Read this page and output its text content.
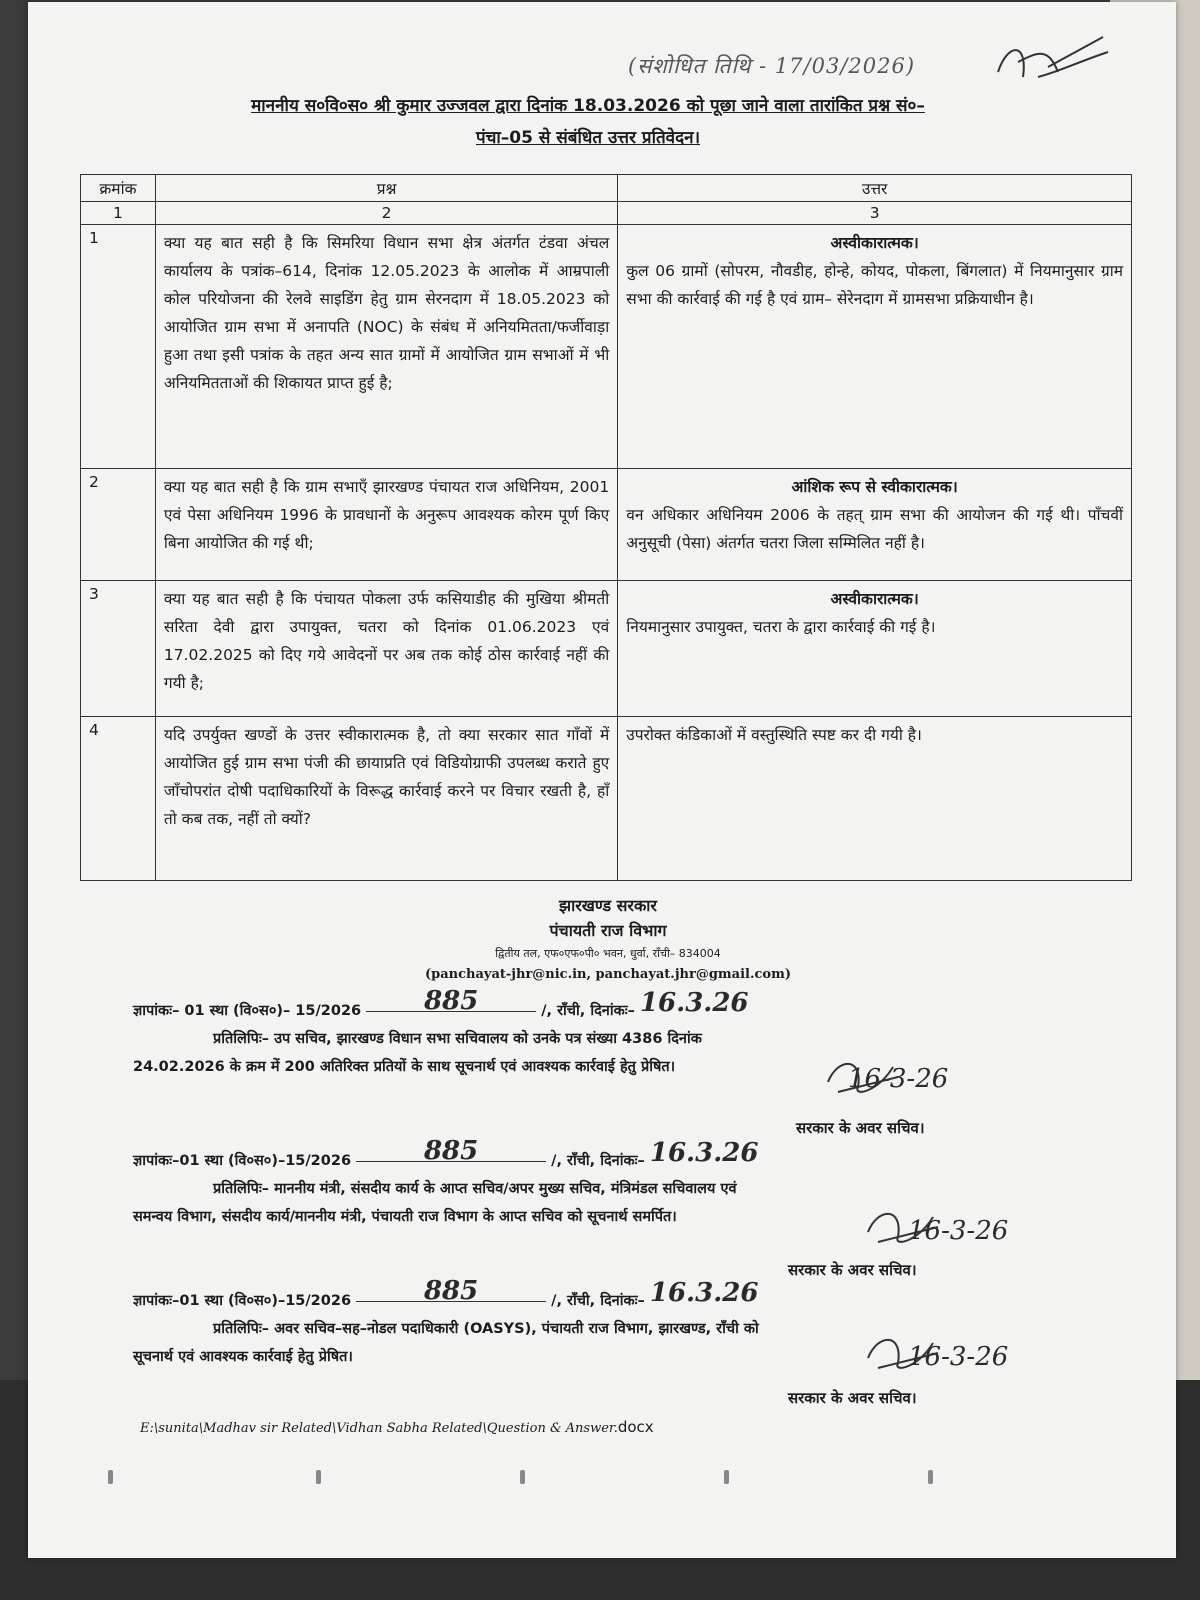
(संशोधित तिथि - 17/03/2026)
माननीय स०वि०स० श्री कुमार उज्जवल द्वारा दिनांक 18.03.2026 को पूछा जाने वाला तारांकित प्रश्न सं०–
पंचा–05 से संबंधित उत्तर प्रतिवेदन।
क्रमांक	प्रश्न	उत्तर
1	2	3
1	क्या यह बात सही है कि सिमरिया विधान सभा क्षेत्र अंतर्गत टंडवा अंचल कार्यालय के पत्रांक–614, दिनांक 12.05.2023 के आलोक में आम्रपाली कोल परियोजना की रेलवे साइडिंग हेतु ग्राम सेरनदाग में 18.05.2023 को आयोजित ग्राम सभा में अनापति (NOC) के संबंध में अनियमितता/फर्जीवाड़ा हुआ तथा इसी पत्रांक के तहत अन्य सात ग्रामों में आयोजित ग्राम सभाओं में भी अनियमितताओं की शिकायत प्राप्त हुई है;	अस्वीकारात्मक।
कुल 06 ग्रामों (सोपरम, नौवडीह, होन्हे, कोयद, पोकला, बिंगलात) में नियमानुसार ग्राम सभा की कार्रवाई की गई है एवं ग्राम– सेरेनदाग में ग्रामसभा प्रक्रियाधीन है।
2	क्या यह बात सही है कि ग्राम सभाएँ झारखण्ड पंचायत राज अधिनियम, 2001 एवं पेसा अधिनियम 1996 के प्रावधानों के अनुरूप आवश्यक कोरम पूर्ण किए बिना आयोजित की गई थी;	आंशिक रूप से स्वीकारात्मक।
वन अधिकार अधिनियम 2006 के तहत् ग्राम सभा की आयोजन की गई थी। पाँचवीं अनुसूची (पेसा) अंतर्गत चतरा जिला सम्मिलित नहीं है।
3	क्या यह बात सही है कि पंचायत पोकला उर्फ कसियाडीह की मुखिया श्रीमती सरिता देवी द्वारा उपायुक्त, चतरा को दिनांक 01.06.2023 एवं 17.02.2025 को दिए गये आवेदनों पर अब तक कोई ठोस कार्रवाई नहीं की गयी है;	अस्वीकारात्मक।
नियमानुसार उपायुक्त, चतरा के द्वारा कार्रवाई की गई है।
4	यदि उपर्युक्त खण्डों के उत्तर स्वीकारात्मक है, तो क्या सरकार सात गाँवों में आयोजित हुई ग्राम सभा पंजी की छायाप्रति एवं विडियोग्राफी उपलब्ध कराते हुए जाँचोपरांत दोषी पदाधिकारियों के विरूद्ध कार्रवाई करने पर विचार रखती है, हाँ तो कब तक, नहीं तो क्यों?	उपरोक्त कंडिकाओं में वस्तुस्थिति स्पष्ट कर दी गयी है।
झारखण्ड सरकार
पंचायती राज विभाग
द्वितीय तल, एफ०एफ०पी० भवन, धुर्वा, राँची– 834004
(panchayat-jhr@nic.in, panchayat.jhr@gmail.com)
ज्ञापांकः– 01 स्था (वि०स०)– 15/2026 885	/, राँची, दिनांकः– 16.3.26
प्रतिलिपिः– उप सचिव, झारखण्ड विधान सभा सचिवालय को उनके पत्र संख्या 4386 दिनांक
24.02.2026 के क्रम में 200 अतिरिक्त प्रतियों के साथ सूचनार्थ एवं आवश्यक कार्रवाई हेतु प्रेषित।	16-3-26
सरकार के अवर सचिव।
ज्ञापांकः–01 स्था (वि०स०)–15/2026	885	/, राँची, दिनांकः– 16.3.26
प्रतिलिपिः– माननीय मंत्री, संसदीय कार्य के आप्त सचिव/अपर मुख्य सचिव, मंत्रिमंडल सचिवालय एवं
समन्वय विभाग, संसदीय कार्य/माननीय मंत्री, पंचायती राज विभाग के आप्त सचिव को सूचनार्थ समर्पित।	16-3-26
सरकार के अवर सचिव।
ज्ञापांकः–01 स्था (वि०स०)–15/2026	885	/, राँची, दिनांकः– 16.3.26
प्रतिलिपिः– अवर सचिव–सह–नोडल पदाधिकारी (OASYS), पंचायती राज विभाग, झारखण्ड, राँची को
सूचनार्थ एवं आवश्यक कार्रवाई हेतु प्रेषित।	16-3-26
सरकार के अवर सचिव।
E:\sunita\Madhav sir Related\Vidhan Sabha Related\Question & Answer.docx
